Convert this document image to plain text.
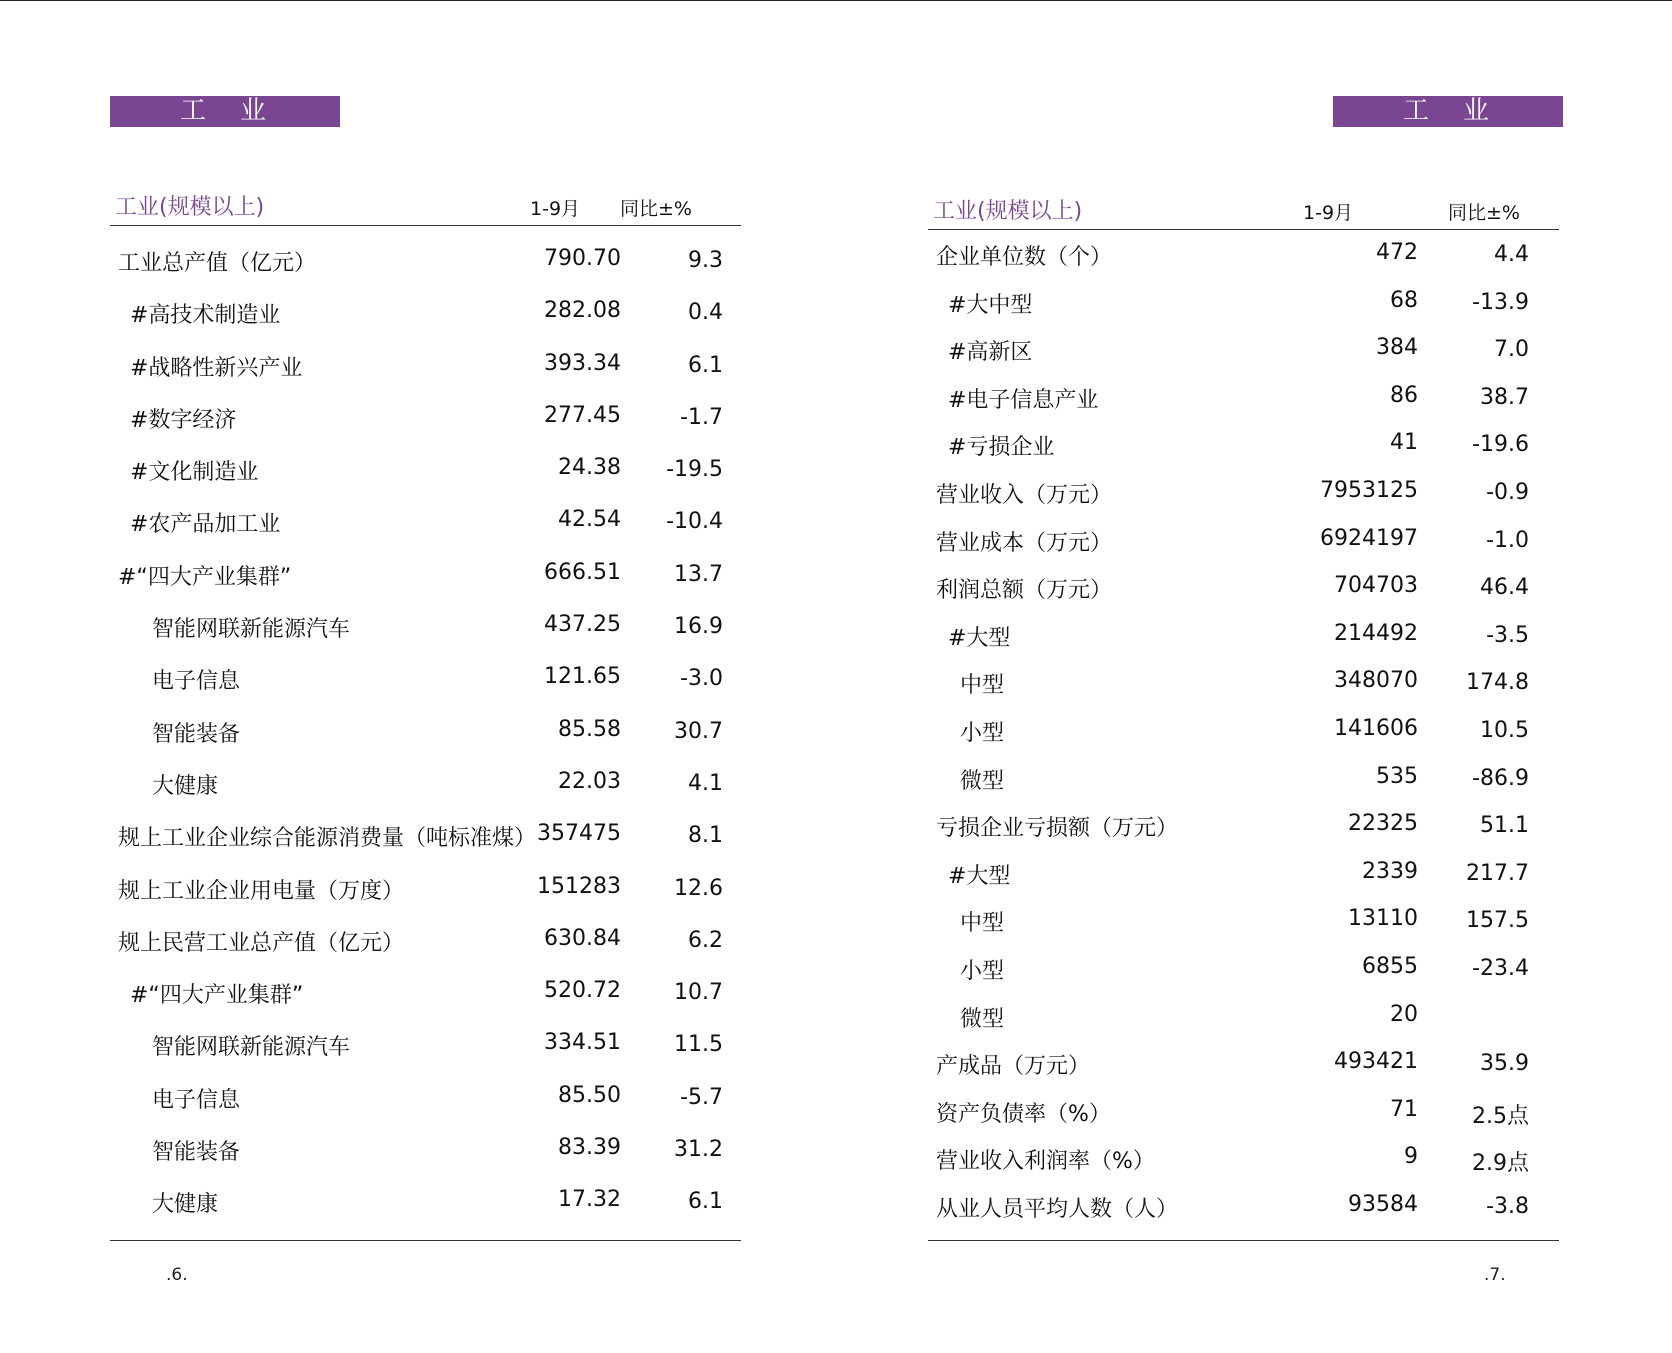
工　业
工业(规模以上)	1-9月 同比±%
工业总产值（亿元）	790.70	9.3
#高技术制造业	282.08	0.4
#战略性新兴产业	393.34	6.1
#数字经济	277.45	-1.7
#文化制造业	24.38 -19.5
#农产品加工业	42.54 -10.4
#“四大产业集群”	666.51 13.7
智能网联新能源汽车	437.25 16.9
电子信息	121.65	-3.0
智能装备	85.58 30.7
大健康	22.03	4.1
规上工业企业综合能源消费量（吨标准煤） 357475	8.1
规上工业企业用电量（万度）	151283 12.6
规上民营工业总产值（亿元）	630.84	6.2
#“四大产业集群”	520.72 10.7
智能网联新能源汽车	334.51 11.5
电子信息	85.50	-5.7
智能装备	83.39 31.2
大健康	17.32	6.1
.6.
工　业
工业(规模以上)	1-9月	同比±%
企业单位数（个）	472	4.4
#大中型	68 -13.9
#高新区	384	7.0
#电子信息产业	86	38.7
#亏损企业	41 -19.6
营业收入（万元）	7953125	-0.9
营业成本（万元）	6924197	-1.0
利润总额（万元）	704703	46.4
#大型	214492	-3.5
中型	348070 174.8
小型	141606	10.5
微型	535 -86.9
亏损企业亏损额（万元）	22325	51.1
#大型	2339 217.7
中型	13110 157.5
小型	6855 -23.4
微型	20
产成品（万元）	493421	35.9
资产负债率（%）	71 2.5点
营业收入利润率（%）	9 2.9点
从业人员平均人数（人）	93584	-3.8
.7.
